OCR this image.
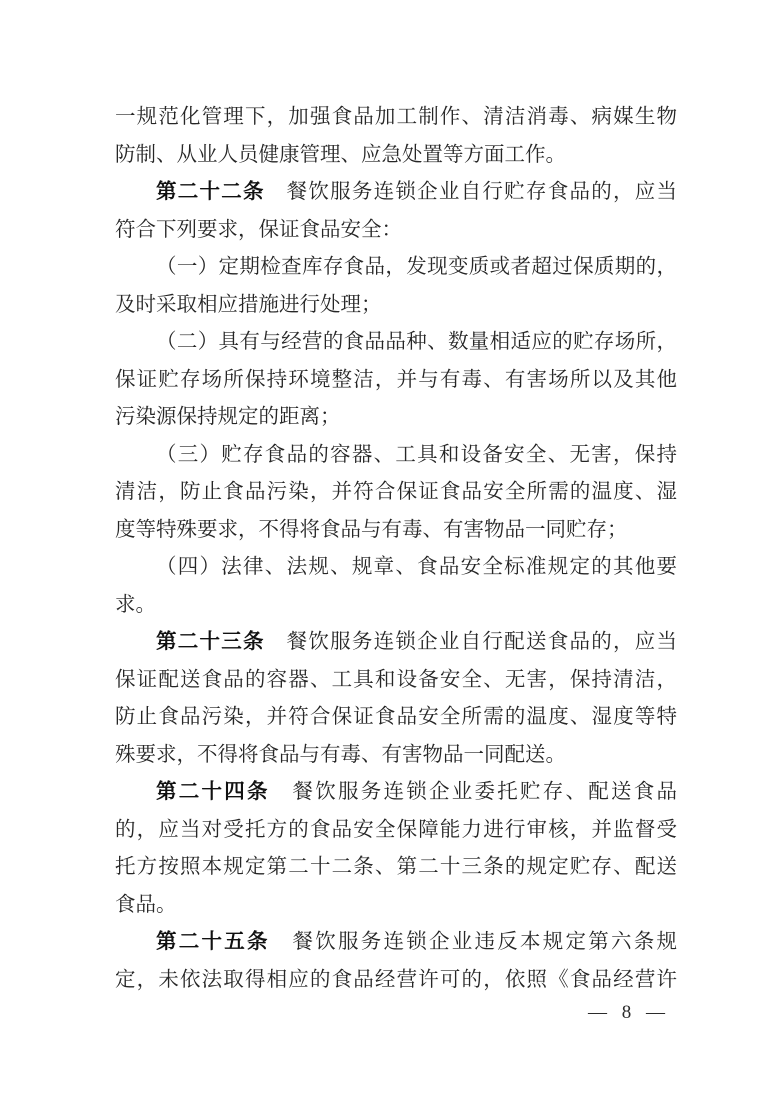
一规范化管理下，加强食品加工制作、清洁消毒、病媒生物
防制、从业人员健康管理、应急处置等方面工作。
第二十二条　餐饮服务连锁企业自行贮存食品的，应当
符合下列要求，保证食品安全：
（一）定期检查库存食品，发现变质或者超过保质期的，
及时采取相应措施进行处理；
（二）具有与经营的食品品种、数量相适应的贮存场所，
保证贮存场所保持环境整洁，并与有毒、有害场所以及其他
污染源保持规定的距离；
（三）贮存食品的容器、工具和设备安全、无害，保持
清洁，防止食品污染，并符合保证食品安全所需的温度、湿
度等特殊要求，不得将食品与有毒、有害物品一同贮存；
（四）法律、法规、规章、食品安全标准规定的其他要
求。
第二十三条　餐饮服务连锁企业自行配送食品的，应当
保证配送食品的容器、工具和设备安全、无害，保持清洁，
防止食品污染，并符合保证食品安全所需的温度、湿度等特
殊要求，不得将食品与有毒、有害物品一同配送。
第二十四条　餐饮服务连锁企业委托贮存、配送食品
的，应当对受托方的食品安全保障能力进行审核，并监督受
托方按照本规定第二十二条、第二十三条的规定贮存、配送
食品。
第二十五条　餐饮服务连锁企业违反本规定第六条规
定，未依法取得相应的食品经营许可的，依照《食品经营许
— 8 —
